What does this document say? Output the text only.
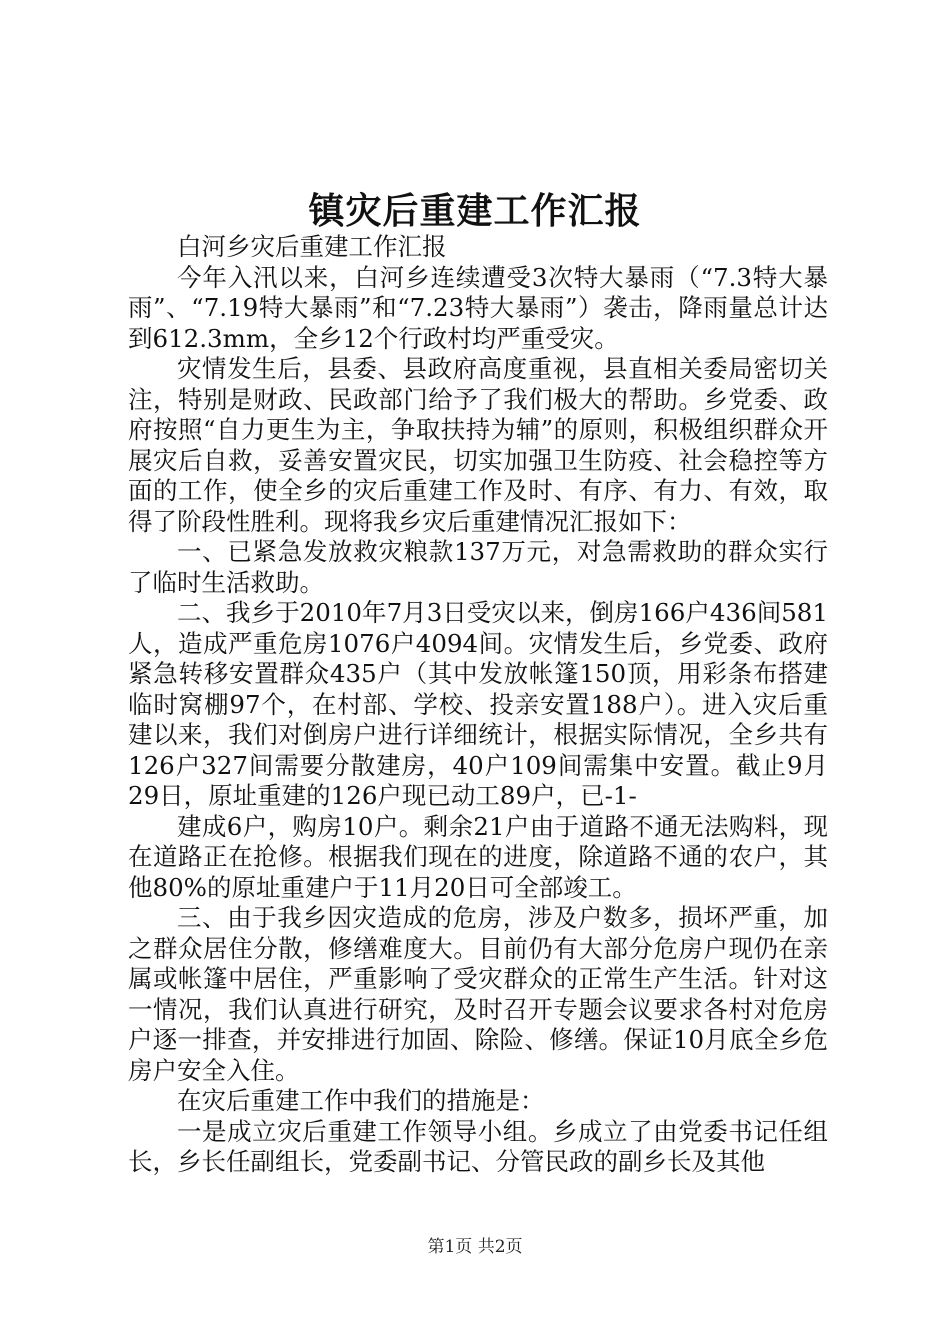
镇灾后重建工作汇报

白河乡灾后重建工作汇报

今年入汛以来，白河乡连续遭受3次特大暴雨（“7.3特大暴雨”、“7.19特大暴雨”和“7.23特大暴雨”）袭击，降雨量总计达到612.3mm，全乡12个行政村均严重受灾。

灾情发生后，县委、县政府高度重视，县直相关委局密切关注，特别是财政、民政部门给予了我们极大的帮助。乡党委、政府按照“自力更生为主，争取扶持为辅”的原则，积极组织群众开展灾后自救，妥善安置灾民，切实加强卫生防疫、社会稳控等方面的工作，使全乡的灾后重建工作及时、有序、有力、有效，取得了阶段性胜利。现将我乡灾后重建情况汇报如下：

一、已紧急发放救灾粮款137万元，对急需救助的群众实行了临时生活救助。

二、我乡于2010年7月3日受灾以来，倒房166户436间581人，造成严重危房1076户4094间。灾情发生后，乡党委、政府紧急转移安置群众435户（其中发放帐篷150顶，用彩条布搭建临时窝棚97个，在村部、学校、投亲安置188户）。进入灾后重建以来，我们对倒房户进行详细统计，根据实际情况，全乡共有126户327间需要分散建房，40户109间需集中安置。截止9月29日，原址重建的126户现已动工89户，已-1-

建成6户，购房10户。剩余21户由于道路不通无法购料，现在道路正在抢修。根据我们现在的进度，除道路不通的农户，其他80%的原址重建户于11月20日可全部竣工。

三、由于我乡因灾造成的危房，涉及户数多，损坏严重，加之群众居住分散，修缮难度大。目前仍有大部分危房户现仍在亲属或帐篷中居住，严重影响了受灾群众的正常生产生活。针对这一情况，我们认真进行研究，及时召开专题会议要求各村对危房户逐一排查，并安排进行加固、除险、修缮。保证10月底全乡危房户安全入住。

在灾后重建工作中我们的措施是：

一是成立灾后重建工作领导小组。乡成立了由党委书记任组长，乡长任副组长，党委副书记、分管民政的副乡长及其他

第1页 共2页
